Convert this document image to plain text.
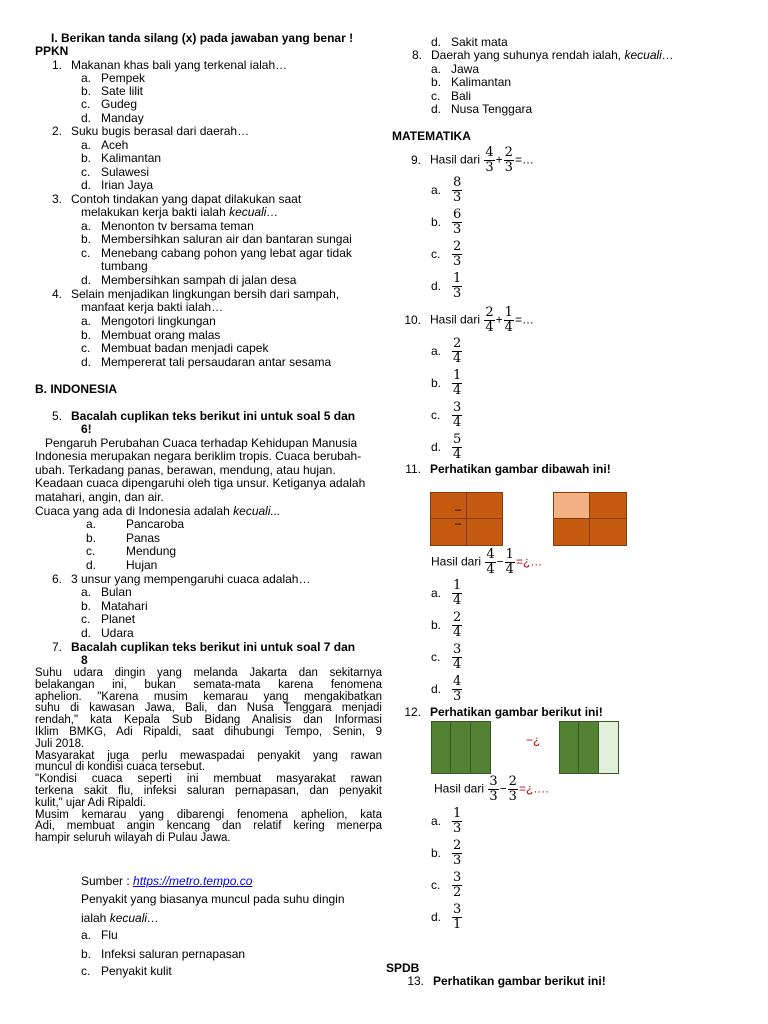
I. Berikan tanda silang (x) pada jawaban yang benar !
PPKN
1. Makanan khas bali yang terkenal ialah…
a. Pempek
b. Sate lilit
c. Gudeg
d. Manday
2. Suku bugis berasal dari daerah…
a. Aceh
b. Kalimantan
c. Sulawesi
d. Irian Jaya
3. Contoh tindakan yang dapat dilakukan saat
melakukan kerja bakti ialah kecuali…
a. Menonton tv bersama teman
b. Membersihkan saluran air dan bantaran sungai
c. Menebang cabang pohon yang lebat agar tidak
tumbang
d. Membersihkan sampah di jalan desa
4. Selain menjadikan lingkungan bersih dari sampah,
manfaat kerja bakti ialah…
a. Mengotori lingkungan
b. Membuat orang malas
c. Membuat badan menjadi capek
d. Mempererat tali persaudaran antar sesama
B. INDONESIA
5. Bacalah cuplikan teks berikut ini untuk soal 5 dan
6!
Pengaruh Perubahan Cuaca terhadap Kehidupan Manusia
Indonesia merupakan negara beriklim tropis. Cuaca berubah-
ubah. Terkadang panas, berawan, mendung, atau hujan.
Keadaan cuaca dipengaruhi oleh tiga unsur. Ketiganya adalah
matahari, angin, dan air.
Cuaca yang ada di Indonesia adalah kecuali...
a. Pancaroba
b. Panas
c.	Mendung
d. Hujan
6. 3 unsur yang mempengaruhi cuaca adalah…
a. Bulan
b. Matahari
c. Planet
d. Udara
7. Bacalah cuplikan teks berikut ini untuk soal 7 dan
8
Suhu udara dingin yang melanda Jakarta dan sekitarnya
belakangan ini, bukan semata-mata karena fenomena
aphelion. "Karena musim kemarau yang mengakibatkan
suhu di kawasan Jawa, Bali, dan Nusa Tenggara menjadi
rendah," kata Kepala Sub Bidang Analisis dan Informasi
Iklim BMKG, Adi Ripaldi, saat dihubungi Tempo, Senin, 9
Juli 2018.
Masyarakat juga perlu mewaspadai penyakit yang rawan
muncul di kondisi cuaca tersebut.
"Kondisi cuaca seperti ini membuat masyarakat rawan
terkena sakit flu, infeksi saluran pernapasan, dan penyakit
kulit," ujar Adi Ripaldi.
Musim kemarau yang dibarengi fenomena aphelion, kata
Adi, membuat angin kencang dan relatif kering menerpa
hampir seluruh wilayah di Pulau Jawa.
Sumber : https://metro.tempo.co
Penyakit yang biasanya muncul pada suhu dingin
ialah kecuali…
a. Flu
b. Infeksi saluran pernapasan
c. Penyakit kulit
d. Sakit mata
8. Daerah yang suhunya rendah ialah, kecuali…
a. Jawa
b. Kalimantan
c. Bali
d. Nusa Tenggara
MATEMATIKA
9. Hasil dari $\frac{4}{3} + \frac{2}{3}$ =…
a. $\frac{8}{3}$
b. $\frac{6}{3}$
c. $\frac{2}{3}$
d. $\frac{1}{3}$
10. Hasil dari $\frac{2}{4} + \frac{1}{4}$ =…
a. $\frac{2}{4}$
b. $\frac{1}{4}$
c. $\frac{3}{4}$
d. $\frac{5}{4}$
11. Perhatikan gambar dibawah ini!
–
–
Hasil dari $\frac{4}{4} - \frac{1}{4}$ =¿…
a. $\frac{1}{4}$
b. $\frac{2}{4}$
c. $\frac{3}{4}$
d. $\frac{4}{3}$
12. Perhatikan gambar berikut ini!
−¿
Hasil dari $\frac{3}{3} - \frac{2}{3}$ =¿….
a. $\frac{1}{3}$
b. $\frac{2}{3}$
c. $\frac{3}{2}$
d. $\frac{3}{1}$
SPDB
13. Perhatikan gambar berikut ini!
